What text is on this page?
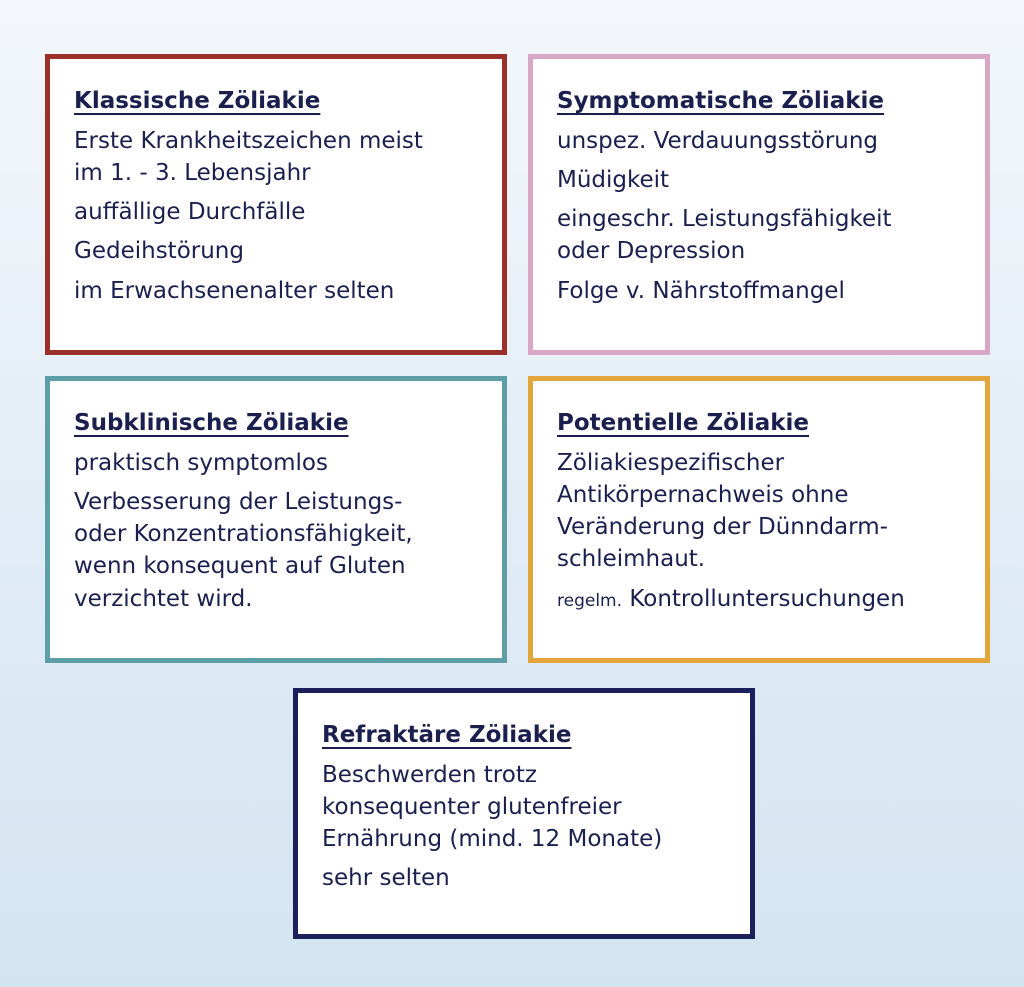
Klassische Zöliakie
Erste Krankheitszeichen meist
im 1. - 3. Lebensjahr
auffällige Durchfälle
Gedeihstörung
im Erwachsenenalter selten
Symptomatische Zöliakie
unspez. Verdauungsstörung
Müdigkeit
eingeschr. Leistungsfähigkeit
oder Depression
Folge v. Nährstoffmangel
Subklinische Zöliakie
praktisch symptomlos
Verbesserung der Leistungs-
oder Konzentrationsfähigkeit,
wenn konsequent auf Gluten
verzichtet wird.
Potentielle Zöliakie
Zöliakiespezifischer
Antikörpernachweis ohne
Veränderung der Dünndarm-
schleimhaut.
regelm. Kontrolluntersuchungen
Refraktäre Zöliakie
Beschwerden trotz
konsequenter glutenfreier
Ernährung (mind. 12 Monate)
sehr selten
